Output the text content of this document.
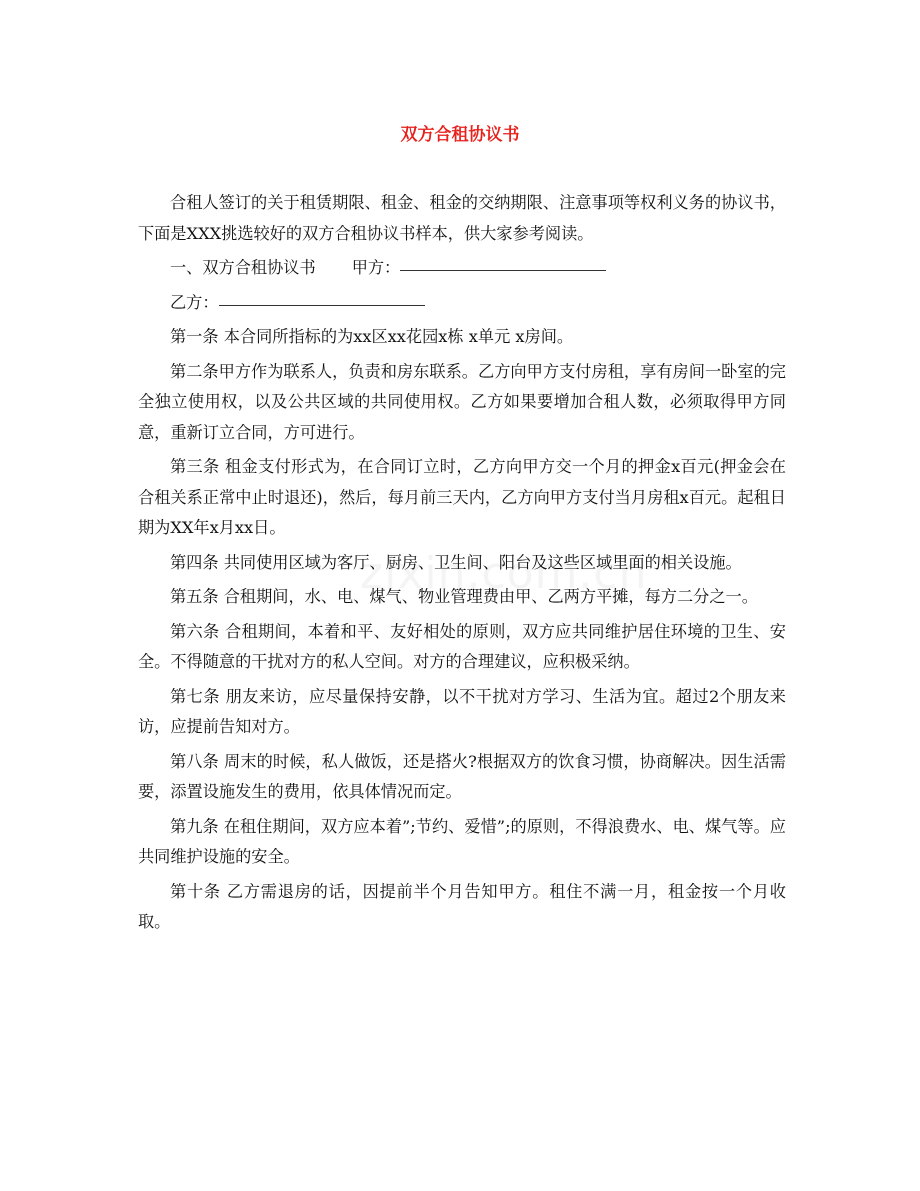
双方合租协议书

合租人签订的关于租赁期限、租金、租金的交纳期限、注意事项等权利义务的协议书，下面是XXX挑选较好的双方合租协议书样本，供大家参考阅读。

一、双方合租协议书 甲方：

乙方：

第一条 本合同所指标的为xx区xx花园x栋 x单元 x房间。

第二条甲方作为联系人，负责和房东联系。乙方向甲方支付房租，享有房间一卧室的完全独立使用权，以及公共区域的共同使用权。乙方如果要增加合租人数，必须取得甲方同意，重新订立合同，方可进行。

第三条 租金支付形式为，在合同订立时，乙方向甲方交一个月的押金x百元(押金会在合租关系正常中止时退还)，然后，每月前三天内，乙方向甲方支付当月房租x百元。起租日期为XX年x月xx日。

第四条 共同使用区域为客厅、厨房、卫生间、阳台及这些区域里面的相关设施。

第五条 合租期间，水、电、煤气、物业管理费由甲、乙两方平摊，每方二分之一。

第六条 合租期间，本着和平、友好相处的原则，双方应共同维护居住环境的卫生、安全。不得随意的干扰对方的私人空间。对方的合理建议，应积极采纳。

第七条 朋友来访，应尽量保持安静，以不干扰对方学习、生活为宜。超过2个朋友来访，应提前告知对方。

第八条 周末的时候，私人做饭，还是搭火?根据双方的饮食习惯，协商解决。因生活需要，添置设施发生的费用，依具体情况而定。

第九条 在租住期间，双方应本着”;节约、爱惜”;的原则，不得浪费水、电、煤气等。应共同维护设施的安全。

第十条 乙方需退房的话，因提前半个月告知甲方。租住不满一月，租金按一个月收取。
